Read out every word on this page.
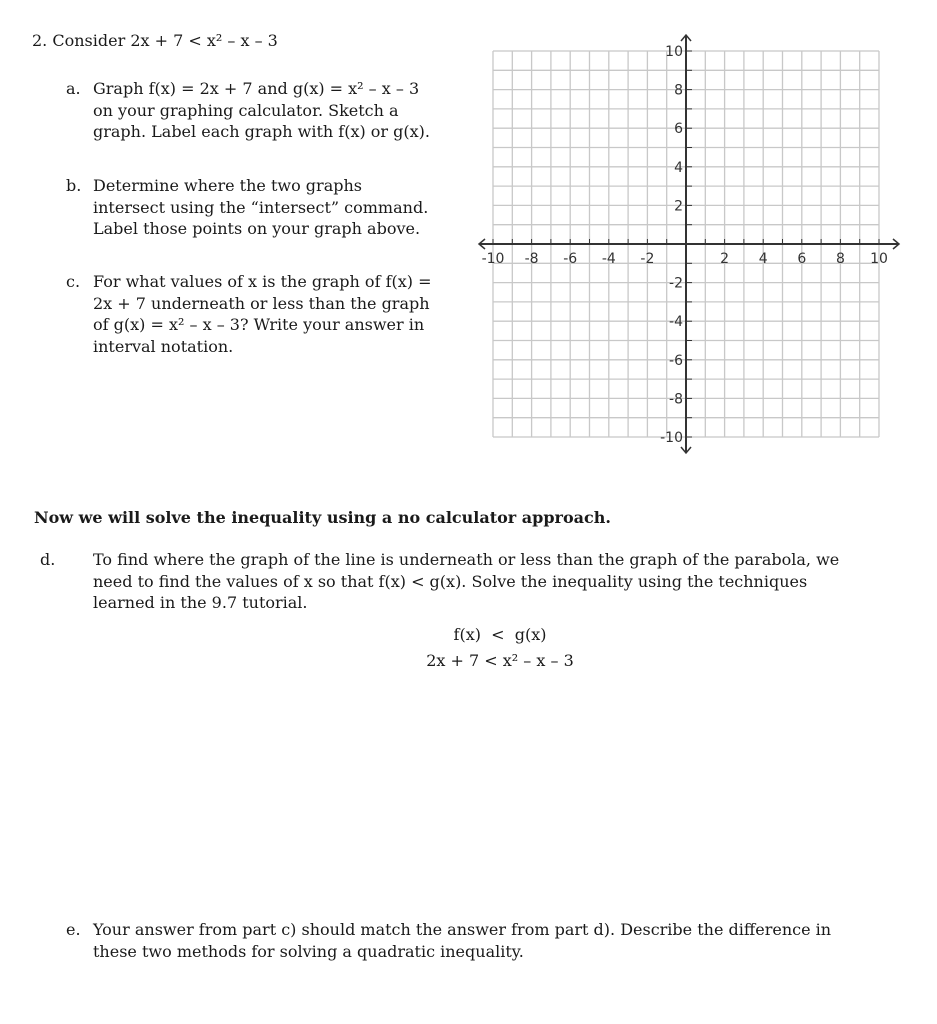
2. Consider 2x + 7 < x² – x – 3
a. Graph f(x) = 2x + 7 and g(x) = x² – x – 3
on your graphing calculator. Sketch a
graph. Label each graph with f(x) or g(x).
b. Determine where the two graphs
intersect using the “intersect” command.
Label those points on your graph above.
c. For what values of x is the graph of f(x) =
2x + 7 underneath or less than the graph
of g(x) = x² – x – 3? Write your answer in
interval notation.
-10 -8 -6 -4 -2	2 4 6 8 10
10
8
6
4
2
-2
-4
-6
-8
-10
Now we will solve the inequality using a no calculator approach.
d. To find where the graph of the line is underneath or less than the graph of the parabola, we
need to find the values of x so that f(x) < g(x). Solve the inequality using the techniques
learned in the 9.7 tutorial.
f(x)  <  g(x)
2x + 7 < x² – x – 3
e. Your answer from part c) should match the answer from part d). Describe the difference in
these two methods for solving a quadratic inequality.
